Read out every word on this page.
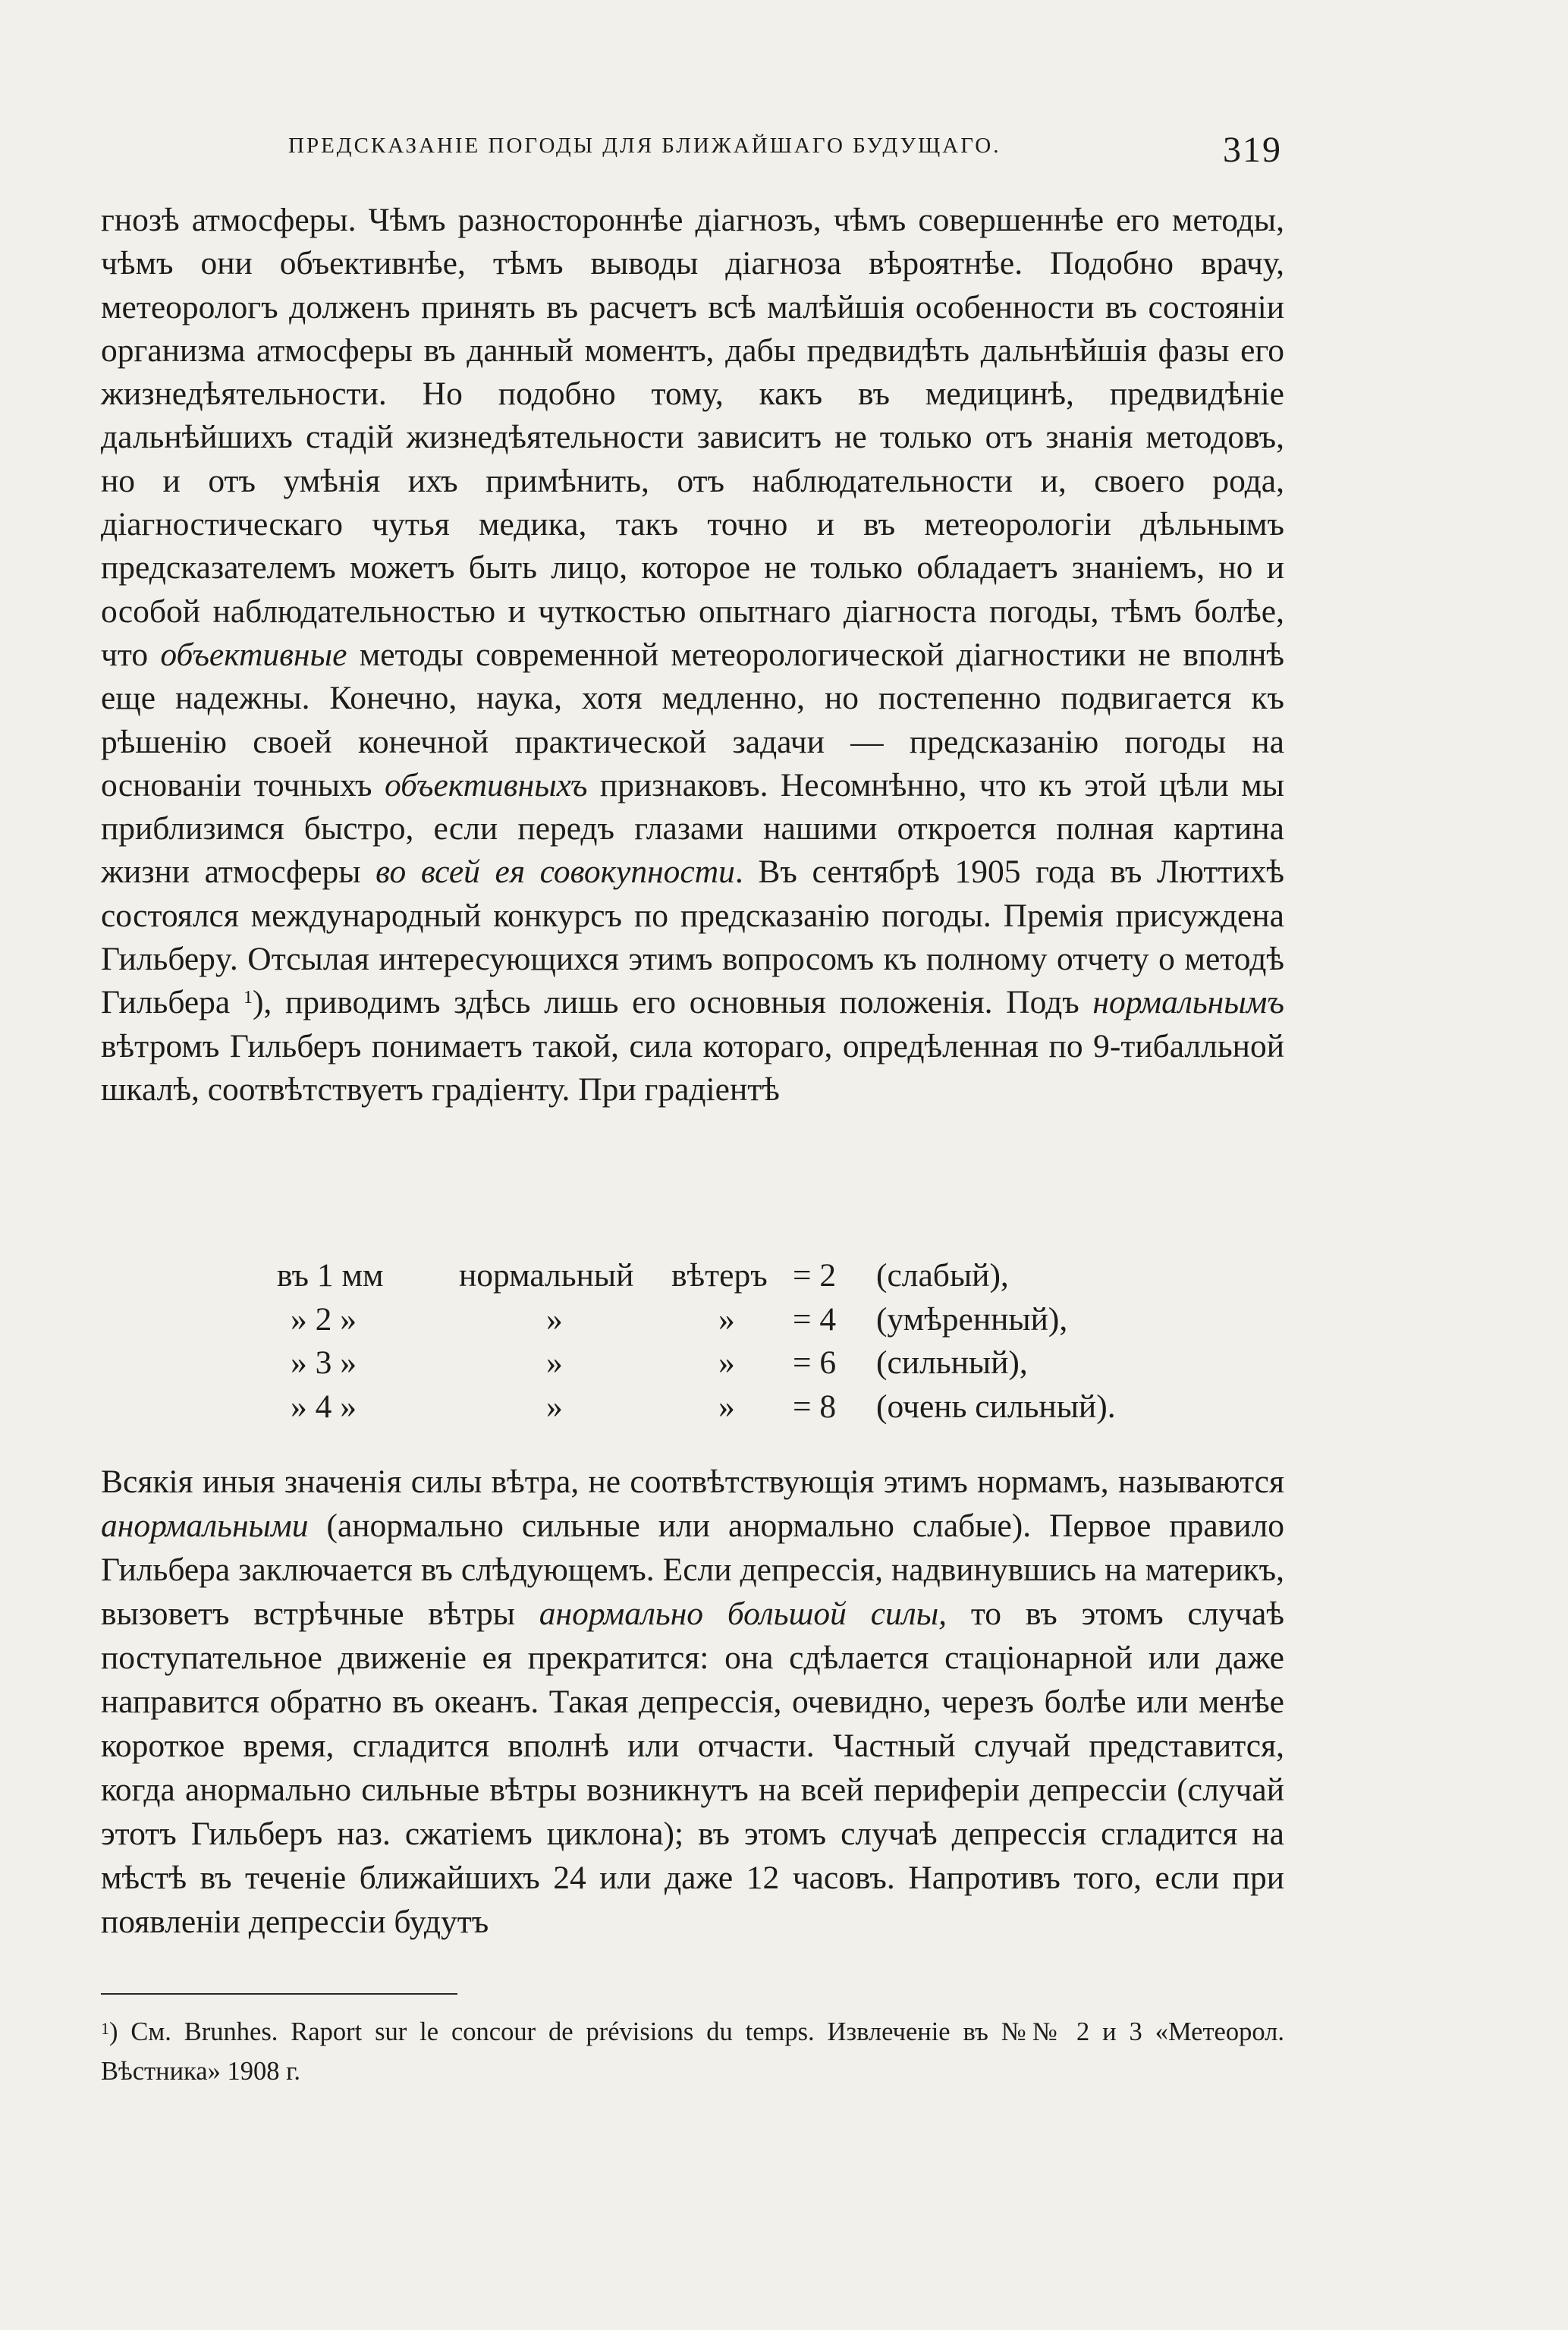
ПРЕДСКАЗАНІЕ ПОГОДЫ ДЛЯ БЛИЖАЙШАГО БУДУЩАГО.	319

гнозѣ атмосферы. Чѣмъ разностороннѣе діагнозъ, чѣмъ совершеннѣе его методы, чѣмъ они объективнѣе, тѣмъ выводы діагноза вѣроятнѣе. Подобно врачу, метеорологъ долженъ принять въ расчетъ всѣ малѣйшія особенности въ состояніи организма атмосферы въ данный моментъ, дабы предвидѣть дальнѣйшія фазы его жизнедѣятельности. Но подобно тому, какъ въ медицинѣ, предвидѣніе дальнѣйшихъ стадій жизнедѣятельности зависитъ не только отъ знанія методовъ, но и отъ умѣнія ихъ примѣнить, отъ наблюдательности и, своего рода, діагностическаго чутья медика, такъ точно и въ метеорологіи дѣльнымъ предсказателемъ можетъ быть лицо, которое не только обладаетъ знаніемъ, но и особой наблюдательностью и чуткостью опытнаго діагноста погоды, тѣмъ болѣе, что объективные методы современной метеорологической діагностики не вполнѣ еще надежны. Конечно, наука, хотя медленно, но постепенно подвигается къ рѣшенію своей конечной практической задачи — предсказанію погоды на основаніи точныхъ объективныхъ признаковъ. Несомнѣнно, что къ этой цѣли мы приблизимся быстро, если передъ глазами нашими откроется полная картина жизни атмосферы во всей ея совокупности. Въ сентябрѣ 1905 года въ Люттихѣ состоялся международный конкурсъ по предсказанію погоды. Премія присуждена Гильбеpy. Отсылая интересующихся этимъ вопросомъ къ полному отчету о методѣ Гильбера $^1$), приводимъ здѣсь лишь его основныя положенія. Подъ нормальнымъ вѣтромъ Гильберъ понимаетъ такой, сила котораго, опредѣленная по 9-тибалльной шкалѣ, соотвѣтствуетъ градіенту. При градіентѣ

въ 1 мм нормальный вѣтеръ = 2 (слабый),
» 2 »	»	» = 4 (умѣренный),
» 3 »	»	» = 6 (сильный),
» 4 »	»	» = 8 (очень сильный).

Всякія иныя значенія силы вѣтра, не соотвѣтствующія этимъ нормамъ, называются анормальными (анормально сильные или анормально слабые). Первое правило Гильбера заключается въ слѣдующемъ. Если депрессія, надвинувшись на материкъ, вызоветъ встрѣчные вѣтры анормально большой силы, то въ этомъ случаѣ поступательное движеніе ея прекратится: она сдѣлается стаціонарной или даже направится обратно въ океанъ. Такая депрессія, очевидно, черезъ болѣе или менѣе короткое время, сгладится вполнѣ или отчасти. Частный случай представится, когда анормально сильные вѣтры возникнутъ на всей периферіи депрессіи (случай этотъ Гильберъ наз. сжатіемъ циклона); въ этомъ случаѣ депрессія сгладится на мѣстѣ въ теченіе ближайшихъ 24 или даже 12 часовъ. Напротивъ того, если при появленіи депрессіи будутъ

$^1$) См. Brunhes. Raport sur le concour de prévisions du temps. Извлеченіе въ №№ 2 и 3 «Метеорол. Вѣстника» 1908 г.
